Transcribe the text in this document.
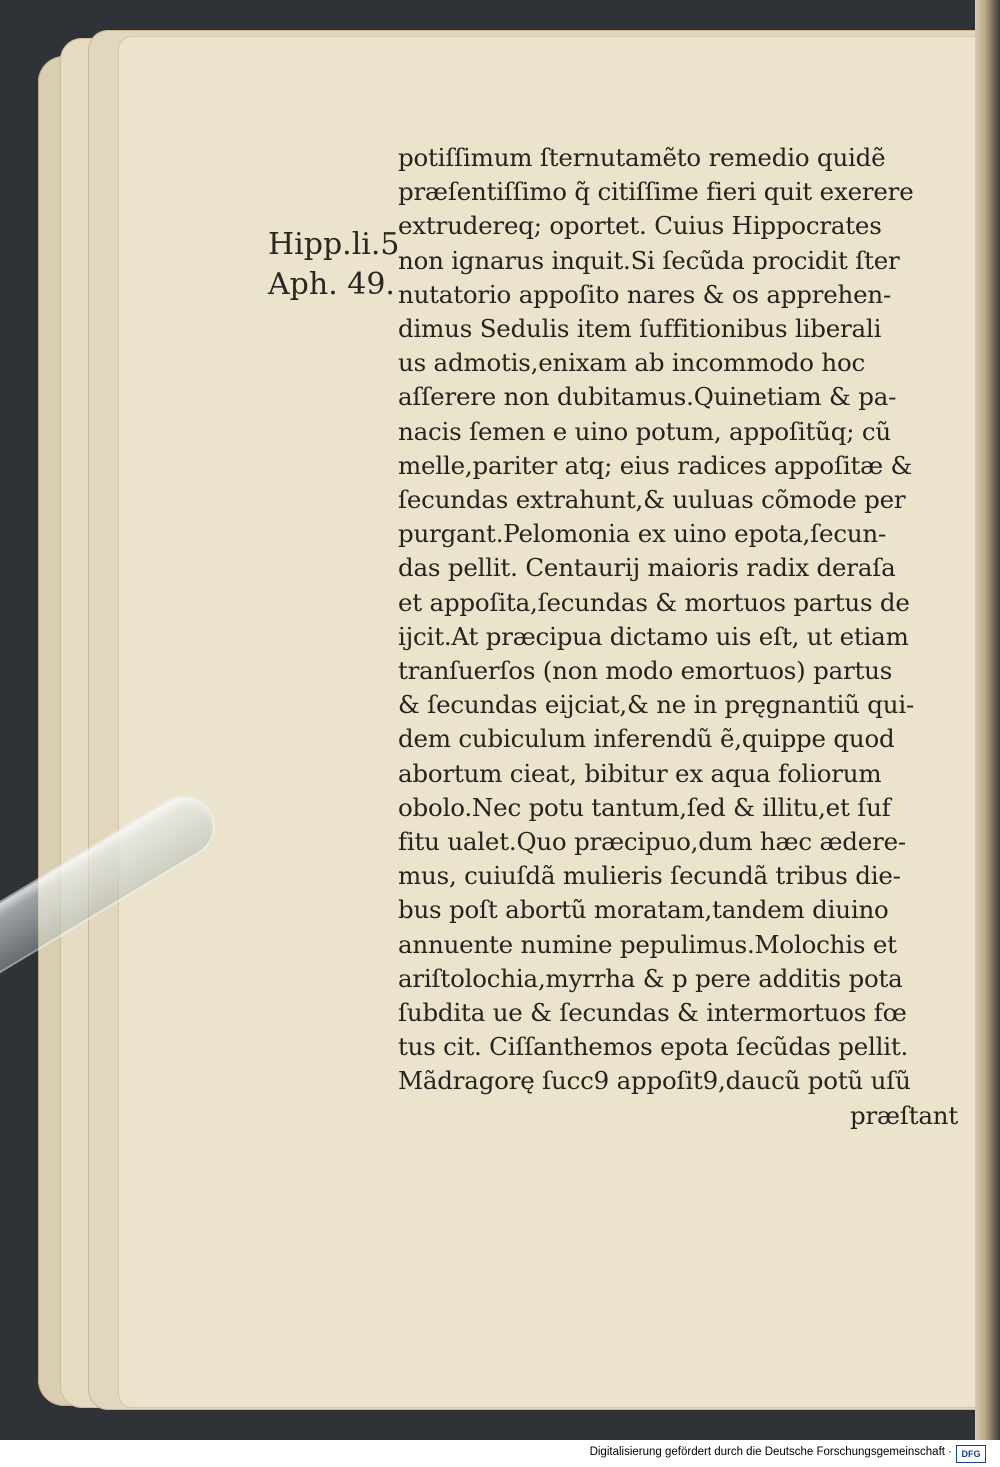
Hipp.li.5
Aph. 49.
potiſſimum ſternutamẽto remedio quidẽ
præſentiſſimo q̃ citiſſime fieri quit exerere
extrudereq; oportet. Cuius Hippocrates
non ignarus inquit.Si ſecũda procidit ſter
nutatorio appoſito nares & os apprehen-
dimus Sedulis item ſuffitionibus liberali
us admotis,enixam ab incommodo hoc
aſſerere non dubitamus.Quinetiam & pa-
nacis ſemen e uino potum, appoſitũq; cũ
melle,pariter atq; eius radices appoſitæ &
ſecundas extrahunt,& uuluas cõmode per
purgant.Pelomonia ex uino epota,ſecun-
das pellit. Centaurij maioris radix deraſa
et appoſita,ſecundas & mortuos partus de
ijcit.At præcipua dictamo uis eſt, ut etiam
tranſuerſos (non modo emortuos) partus
& ſecundas eijciat,& ne in pręgnantiũ qui-
dem cubiculum inferendũ ẽ,quippe quod
abortum cieat, bibitur ex aqua foliorum
obolo.Nec potu tantum,ſed & illitu,et ſuf
fitu ualet.Quo præcipuo,dum hæc ædere-
mus, cuiuſdã mulieris ſecundã tribus die-
bus poſt abortũ moratam,tandem diuino
annuente numine pepulimus.Molochis et
ariſtolochia,myrrha & p pere additis pota
ſubdita ue & ſecundas & intermortuos fœ
tus cit. Ciſſanthemos epota ſecũdas pellit.
Mãdragorę ſucc9 appoſit9,daucũ potũ uſũ
præſtant
Digitalisierung gefördert durch die Deutsche Forschungsgemeinschaft ·	DFG
